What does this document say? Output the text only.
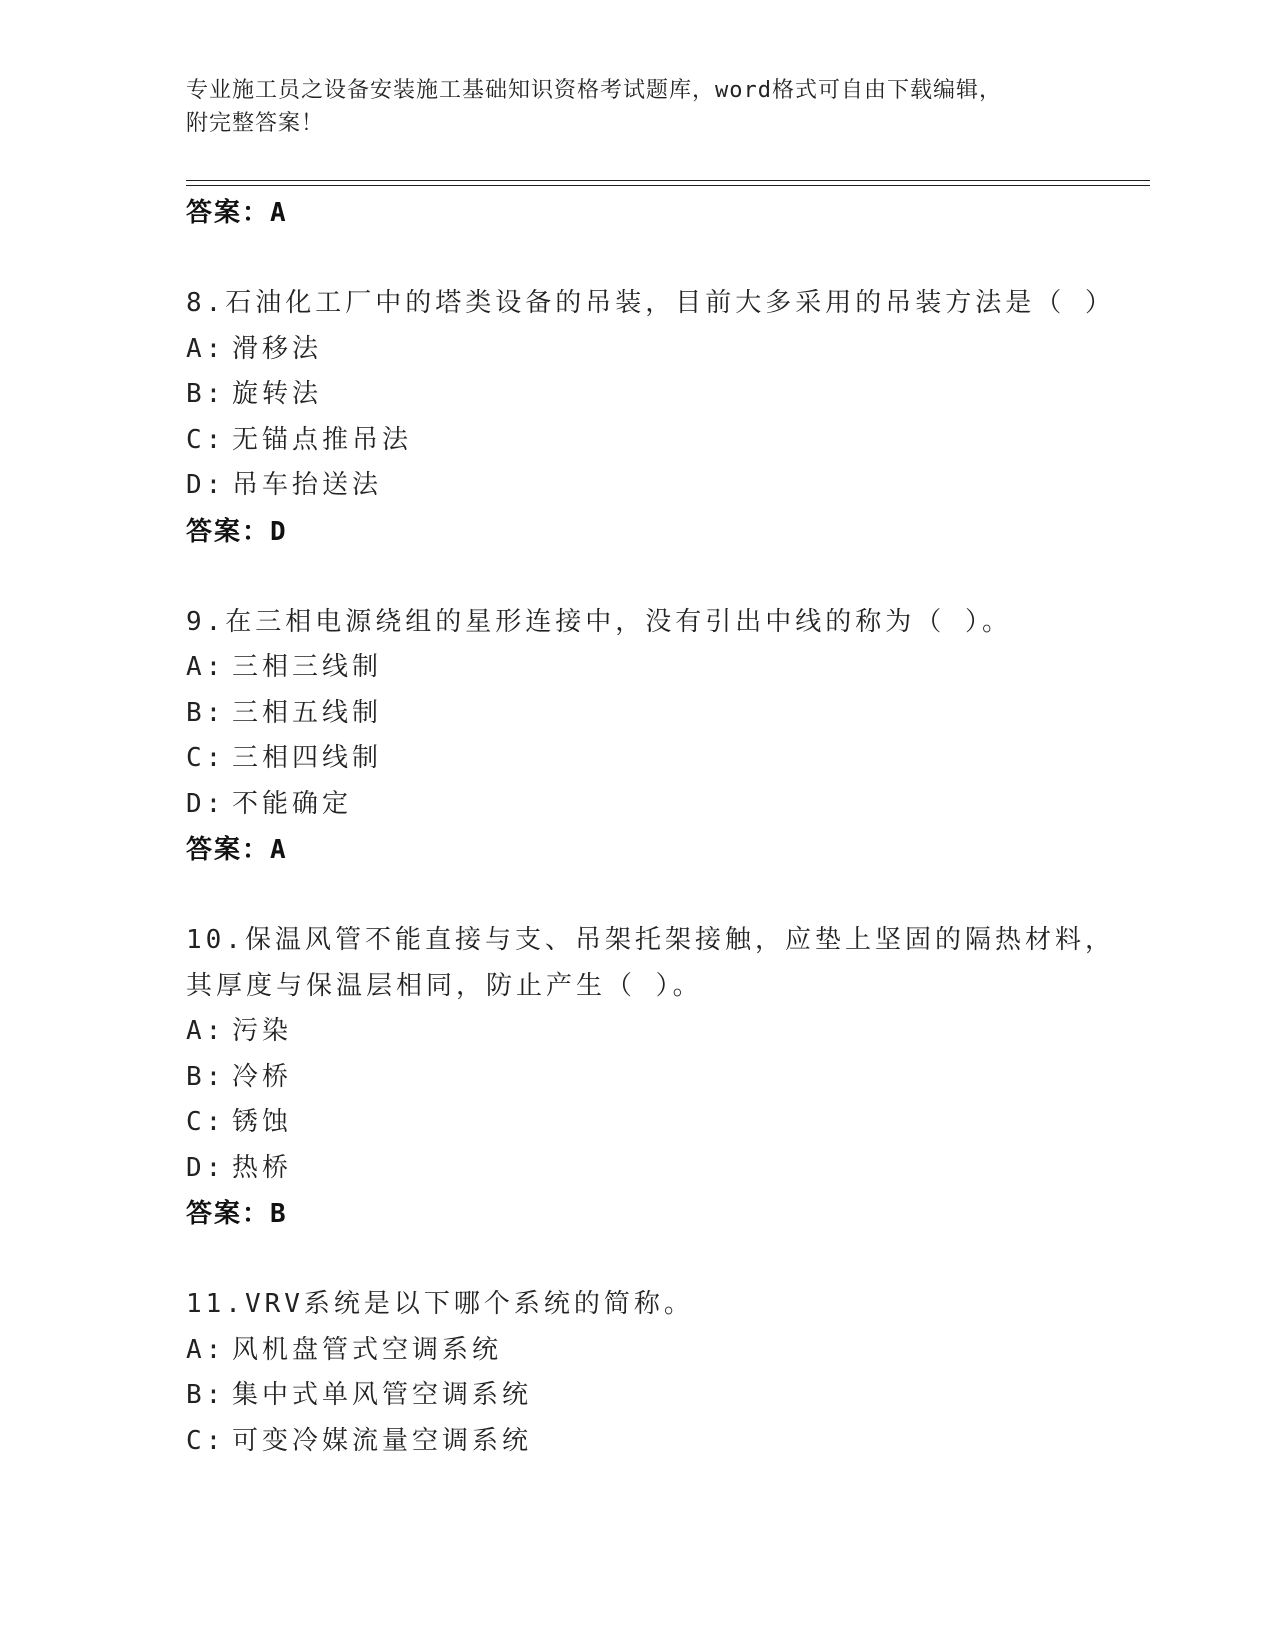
专业施工员之设备安装施工基础知识资格考试题库，word格式可自由下载编辑，
附完整答案！
答案：A
8.石油化工厂中的塔类设备的吊装，目前大多采用的吊装方法是（ ）
A: 滑移法
B: 旋转法
C: 无锚点推吊法
D: 吊车抬送法
答案：D
9.在三相电源绕组的星形连接中，没有引出中线的称为（ ）。
A: 三相三线制
B: 三相五线制
C: 三相四线制
D: 不能确定
答案：A
10.保温风管不能直接与支、吊架托架接触，应垫上坚固的隔热材料，
其厚度与保温层相同，防止产生（ ）。
A: 污染
B: 冷桥
C: 锈蚀
D: 热桥
答案：B
11.VRV系统是以下哪个系统的简称。
A: 风机盘管式空调系统
B: 集中式单风管空调系统
C: 可变冷媒流量空调系统
